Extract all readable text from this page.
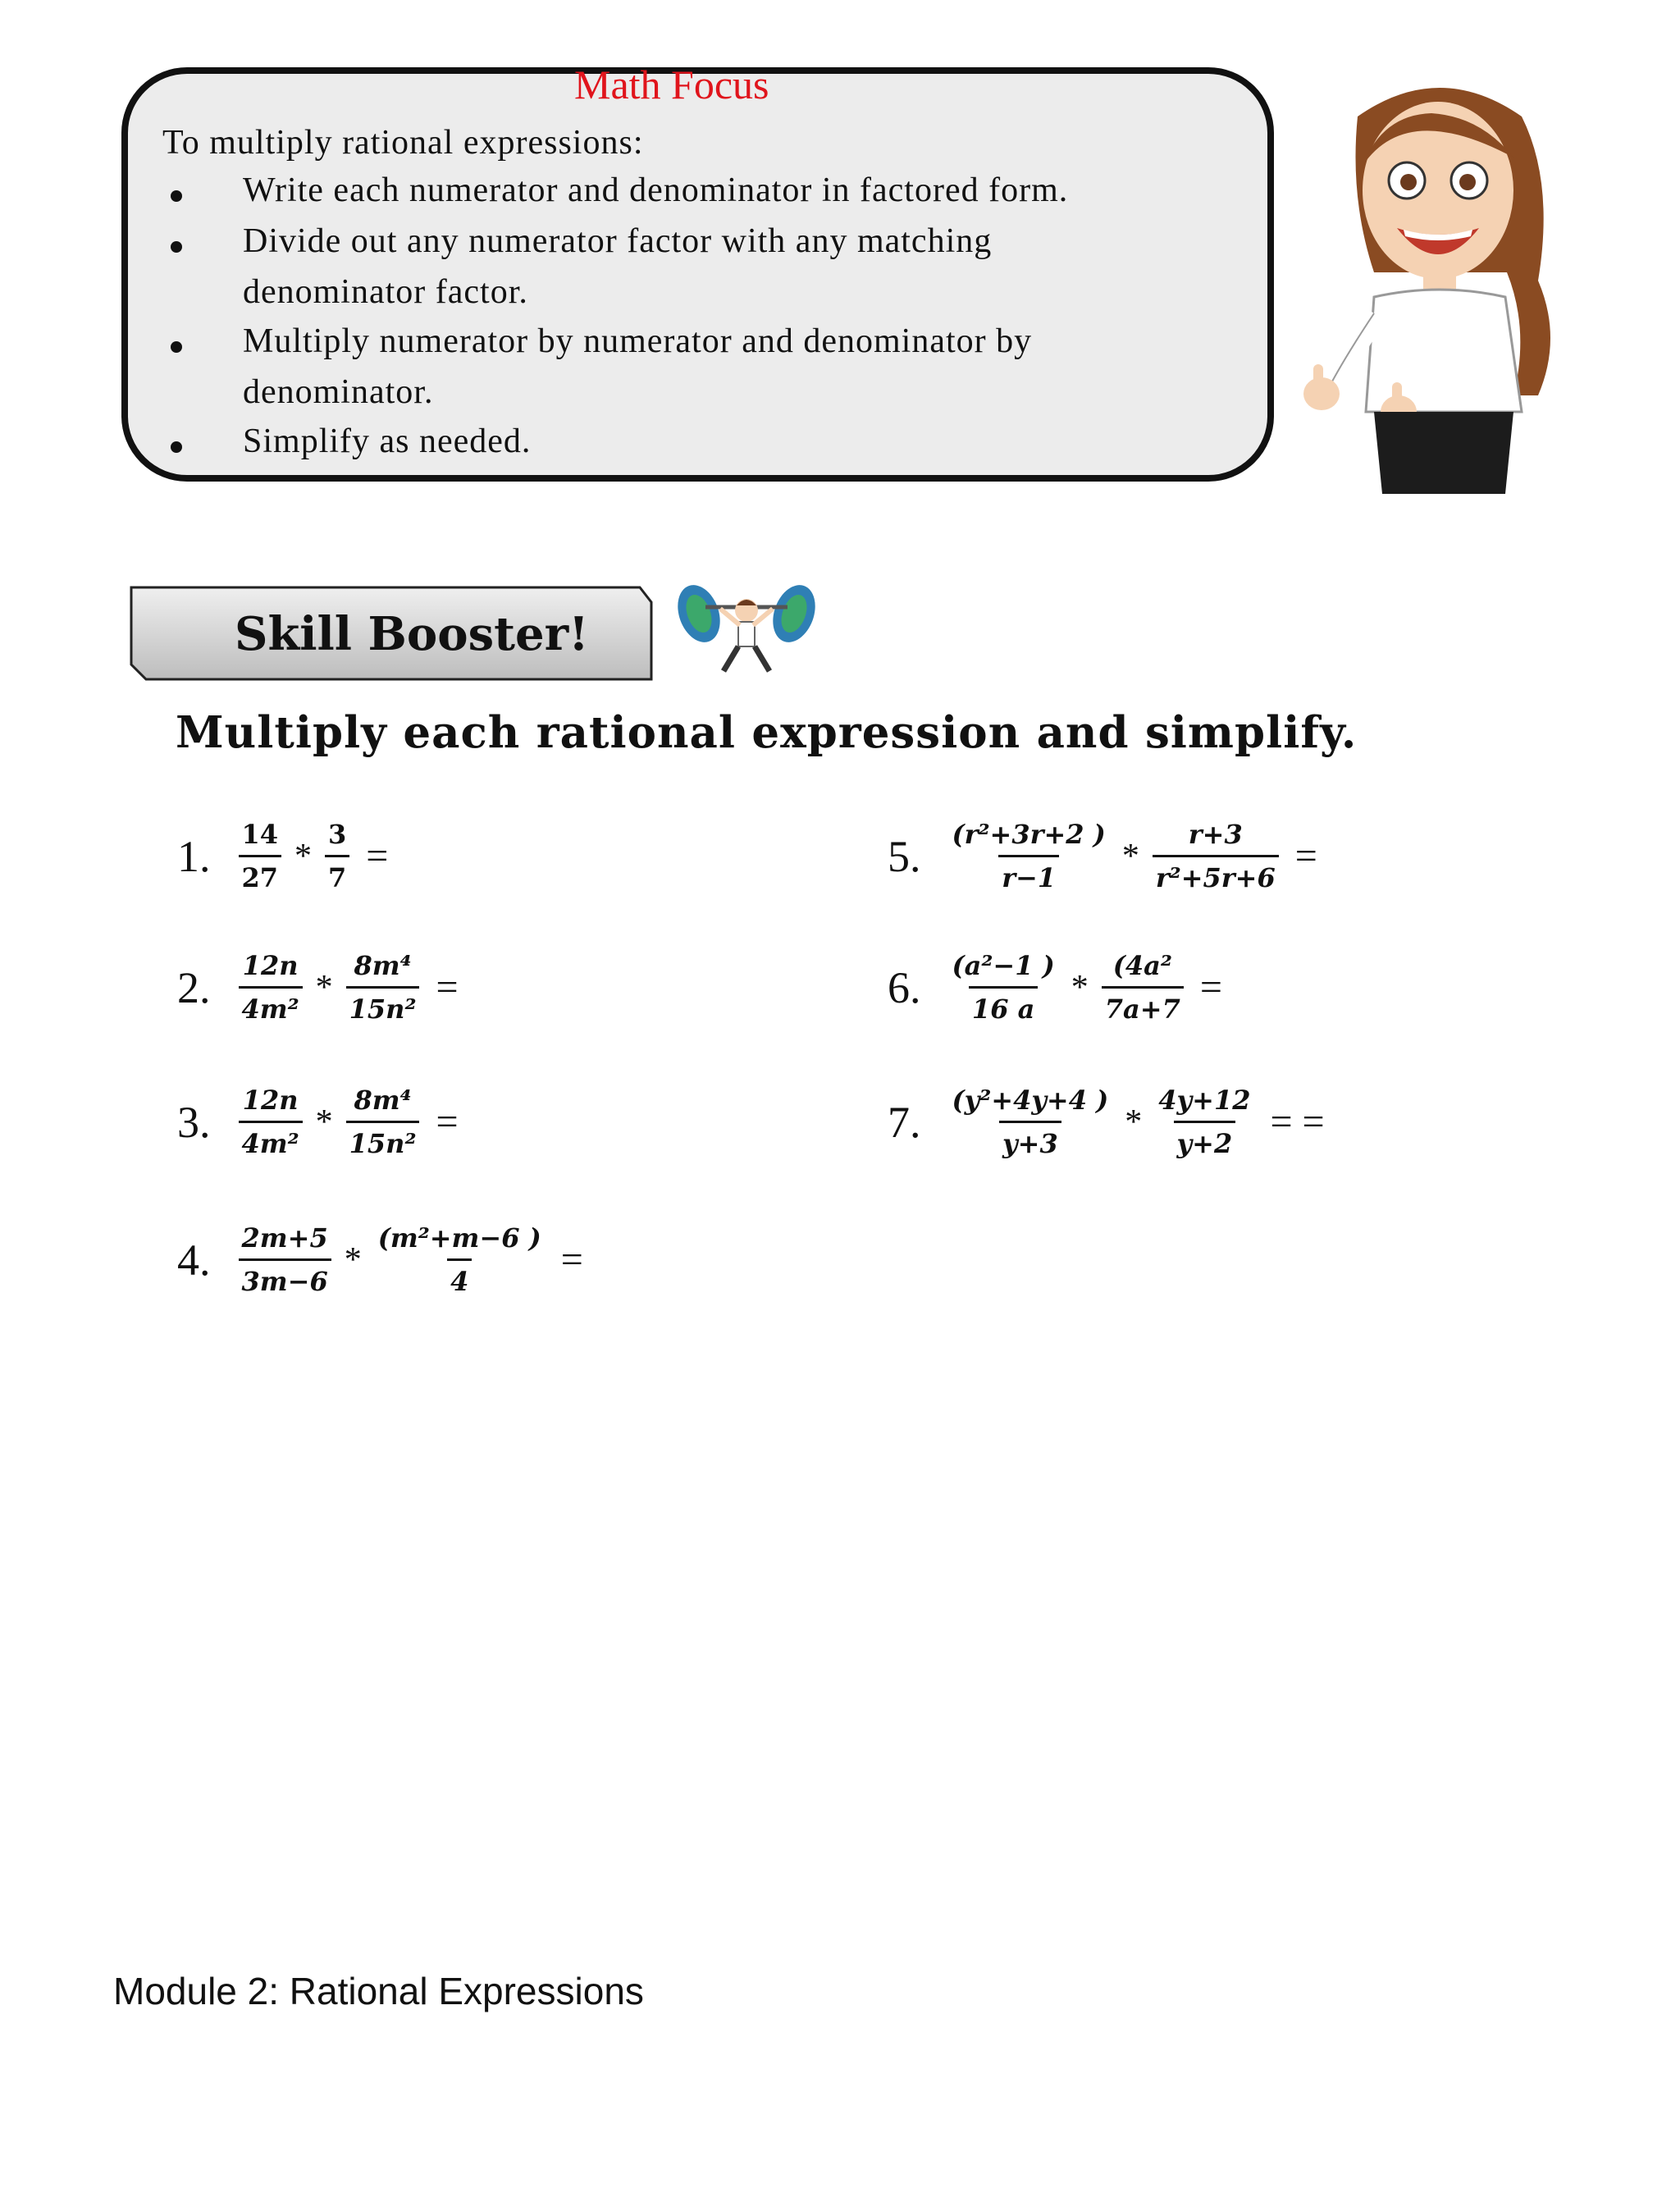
Math Focus
To multiply rational expressions:
Write each numerator and denominator in factored form.
Divide out any numerator factor with any matching
denominator factor.
Multiply numerator by numerator and denominator by
denominator.
Simplify as needed.
Skill Booster!
Multiply each rational expression and simplify.
1. $\frac{14}{27} * \frac{3}{7}$ =
2. $\frac{12n}{\text{4m²}} * \frac{\text{8m⁴}}{\text{15n²}}$ =
3. $\frac{12n}{\text{4m²}} * \frac{\text{8m⁴}}{\text{15n²}}$ =
4. $\frac{2m+5}{3m-6} * \frac{\text{(m²+m−6 )}}{4}$ =
5. $\frac{\text{(r²+3r+2 )}}{r-1} * \frac{r+3}{\text{r²+5r+6}}$ =
6. $\frac{\text{(a²−1 )}}{16 a} * \frac{\text{(4a²}}{7a+7}$ =
7. $\frac{\text{(y²+4y+4 )}}{y+3} * \frac{4y+12}{y+2}$ = =
Module 2: Rational Expressions
